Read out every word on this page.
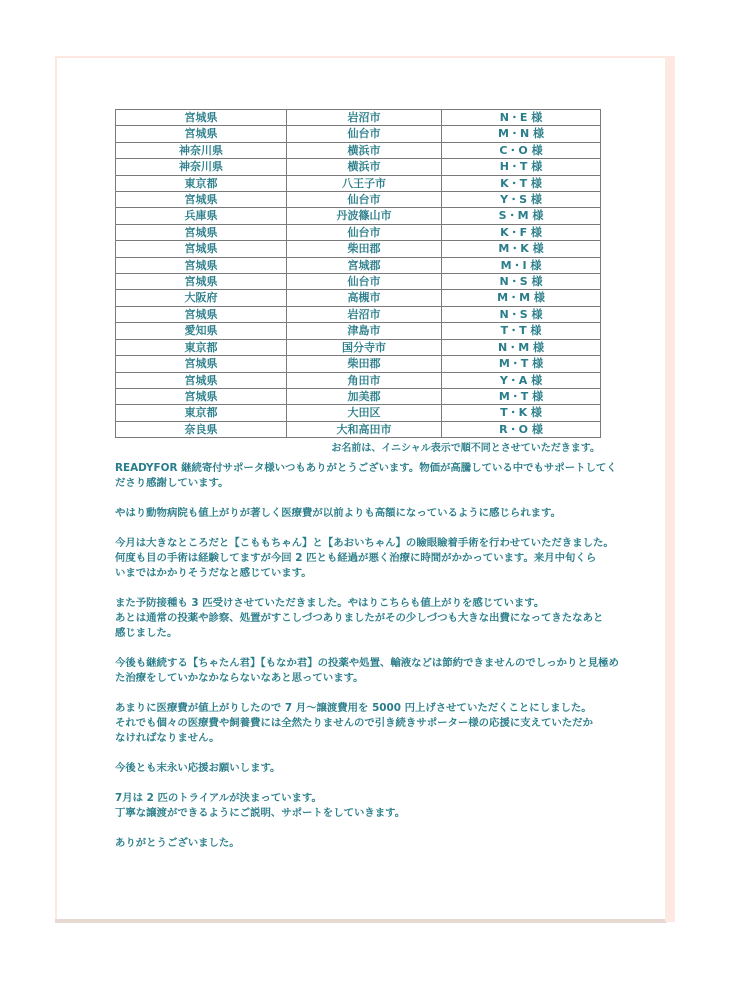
宮城県	岩沼市	N・E 様
宮城県	仙台市	M・N 様
神奈川県	横浜市	C・O 様
神奈川県	横浜市	H・T 様
東京都	八王子市	K・T 様
宮城県	仙台市	Y・S 様
兵庫県	丹波篠山市	S・M 様
宮城県	仙台市	K・F 様
宮城県	柴田郡	M・K 様
宮城県	宮城郡	M・I 様
宮城県	仙台市	N・S 様
大阪府	高槻市	M・M 様
宮城県	岩沼市	N・S 様
愛知県	津島市	T・T 様
東京都	国分寺市	N・M 様
宮城県	柴田郡	M・T 様
宮城県	角田市	Y・A 様
宮城県	加美郡	M・T 様
東京都	大田区	T・K 様
奈良県	大和高田市	R・O 様
お名前は、イニシャル表示で順不同とさせていただきます。

READYFOR 継続寄付サポータ様いつもありがとうございます。物価が高騰している中でもサポートしてく
ださり感謝しています。

やはり動物病院も値上がりが著しく医療費が以前よりも高額になっているように感じられます。

今月は大きなところだと【こももちゃん】と【あおいちゃん】の瞼眼瞼着手術を行わせていただきました。
何度も目の手術は経験してますが今回 2 匹とも経過が悪く治療に時間がかかっています。来月中旬くら
いまではかかりそうだなと感じています。

また予防接種も 3 匹受けさせていただきました。やはりこちらも値上がりを感じています。
あとは通常の投薬や診察、処置がすこしづつありましたがその少しづつも大きな出費になってきたなあと
感じました。

今後も継続する【ちゃたん君】【もなか君】の投薬や処置、輸液などは節約できませんのでしっかりと見極め
た治療をしていかなかならないなあと思っています。

あまりに医療費が値上がりしたので 7 月～譲渡費用を 5000 円上げさせていただくことにしました。
それでも個々の医療費や飼養費には全然たりませんので引き続きサポーター様の応援に支えていただか
なければなりません。

今後とも末永い応援お願いします。

7月は 2 匹のトライアルが決まっています。
丁寧な譲渡ができるようにご説明、サポートをしていきます。

ありがとうございました。
